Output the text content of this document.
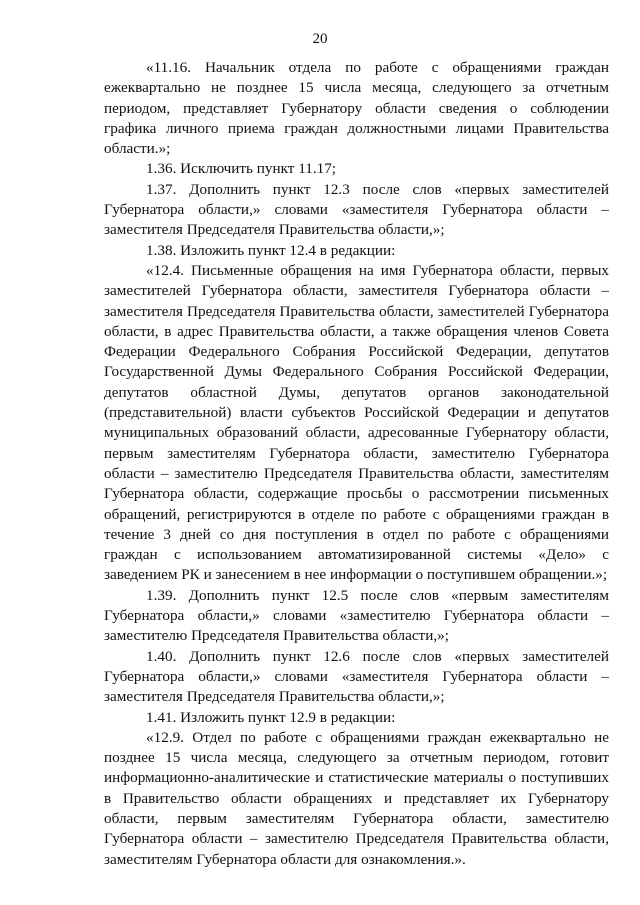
20

«11.16. Начальник отдела по работе с обращениями граждан ежеквартально не позднее 15 числа месяца, следующего за отчетным периодом, представляет Губернатору области сведения о соблюдении графика личного приема граждан должностными лицами Правительства области.»;

1.36. Исключить пункт 11.17;

1.37. Дополнить пункт 12.3 после слов «первых заместителей Губернатора области,» словами «заместителя Губернатора области – заместителя Председателя Правительства области,»;

1.38. Изложить пункт 12.4 в редакции:

«12.4. Письменные обращения на имя Губернатора области, первых заместителей Губернатора области, заместителя Губернатора области – заместителя Председателя Правительства области, заместителей Губернатора области, в адрес Правительства области, а также обращения членов Совета Федерации Федерального Собрания Российской Федерации, депутатов Государственной Думы Федерального Собрания Российской Федерации, депутатов областной Думы, депутатов органов законодательной (представительной) власти субъектов Российской Федерации и депутатов муниципальных образований области, адресованные Губернатору области, первым заместителям Губернатора области, заместителю Губернатора области – заместителю Председателя Правительства области, заместителям Губернатора области, содержащие просьбы о рассмотрении письменных обращений, регистрируются в отделе по работе с обращениями граждан в течение 3 дней со дня поступления в отдел по работе с обращениями граждан с использованием автоматизированной системы «Дело» с заведением РК и занесением в нее информации о поступившем обращении.»;

1.39. Дополнить пункт 12.5 после слов «первым заместителям Губернатора области,» словами «заместителю Губернатора области – заместителю Председателя Правительства области,»;

1.40. Дополнить пункт 12.6 после слов «первых заместителей Губернатора области,» словами «заместителя Губернатора области – заместителя Председателя Правительства области,»;

1.41. Изложить пункт 12.9 в редакции:

«12.9. Отдел по работе с обращениями граждан ежеквартально не позднее 15 числа месяца, следующего за отчетным периодом, готовит информационно-аналитические и статистические материалы о поступивших в Правительство области обращениях и представляет их Губернатору области, первым заместителям Губернатора области, заместителю Губернатора области – заместителю Председателя Правительства области, заместителям Губернатора области для ознакомления.».
